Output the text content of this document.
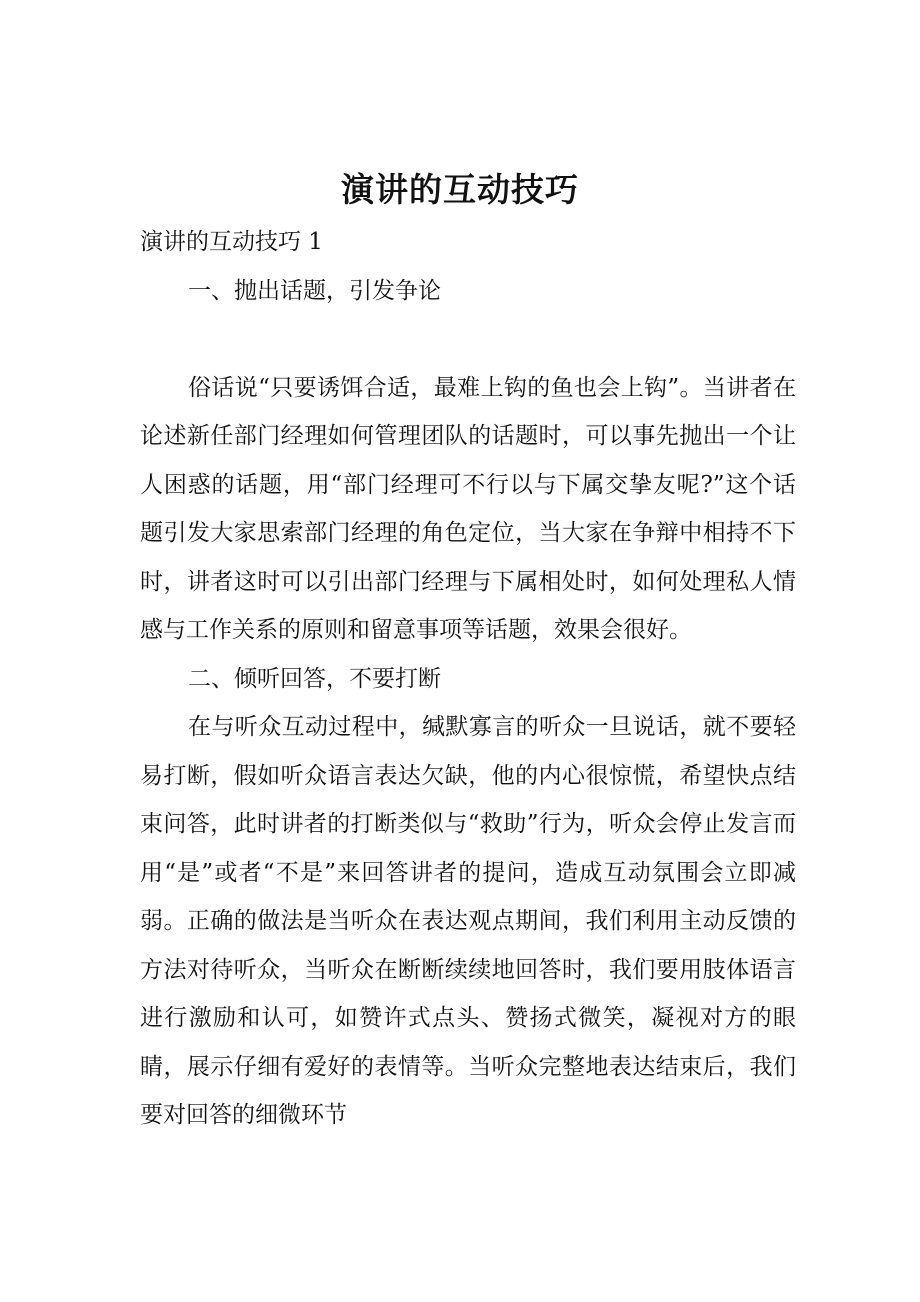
演讲的互动技巧

演讲的互动技巧 1

一、抛出话题，引发争论

俗话说“只要诱饵合适，最难上钩的鱼也会上钩”。当讲者在论述新任部门经理如何管理团队的话题时，可以事先抛出一个让人困惑的话题，用“部门经理可不行以与下属交挚友呢?”这个话题引发大家思索部门经理的角色定位，当大家在争辩中相持不下时，讲者这时可以引出部门经理与下属相处时，如何处理私人情感与工作关系的原则和留意事项等话题，效果会很好。

二、倾听回答，不要打断

在与听众互动过程中，缄默寡言的听众一旦说话，就不要轻易打断，假如听众语言表达欠缺，他的内心很惊慌，希望快点结束问答，此时讲者的打断类似与“救助”行为，听众会停止发言而用“是”或者“不是”来回答讲者的提问，造成互动氛围会立即减弱。正确的做法是当听众在表达观点期间，我们利用主动反馈的方法对待听众，当听众在断断续续地回答时，我们要用肢体语言进行激励和认可，如赞许式点头、赞扬式微笑，凝视对方的眼睛，展示仔细有爱好的表情等。当听众完整地表达结束后，我们要对回答的细微环节
